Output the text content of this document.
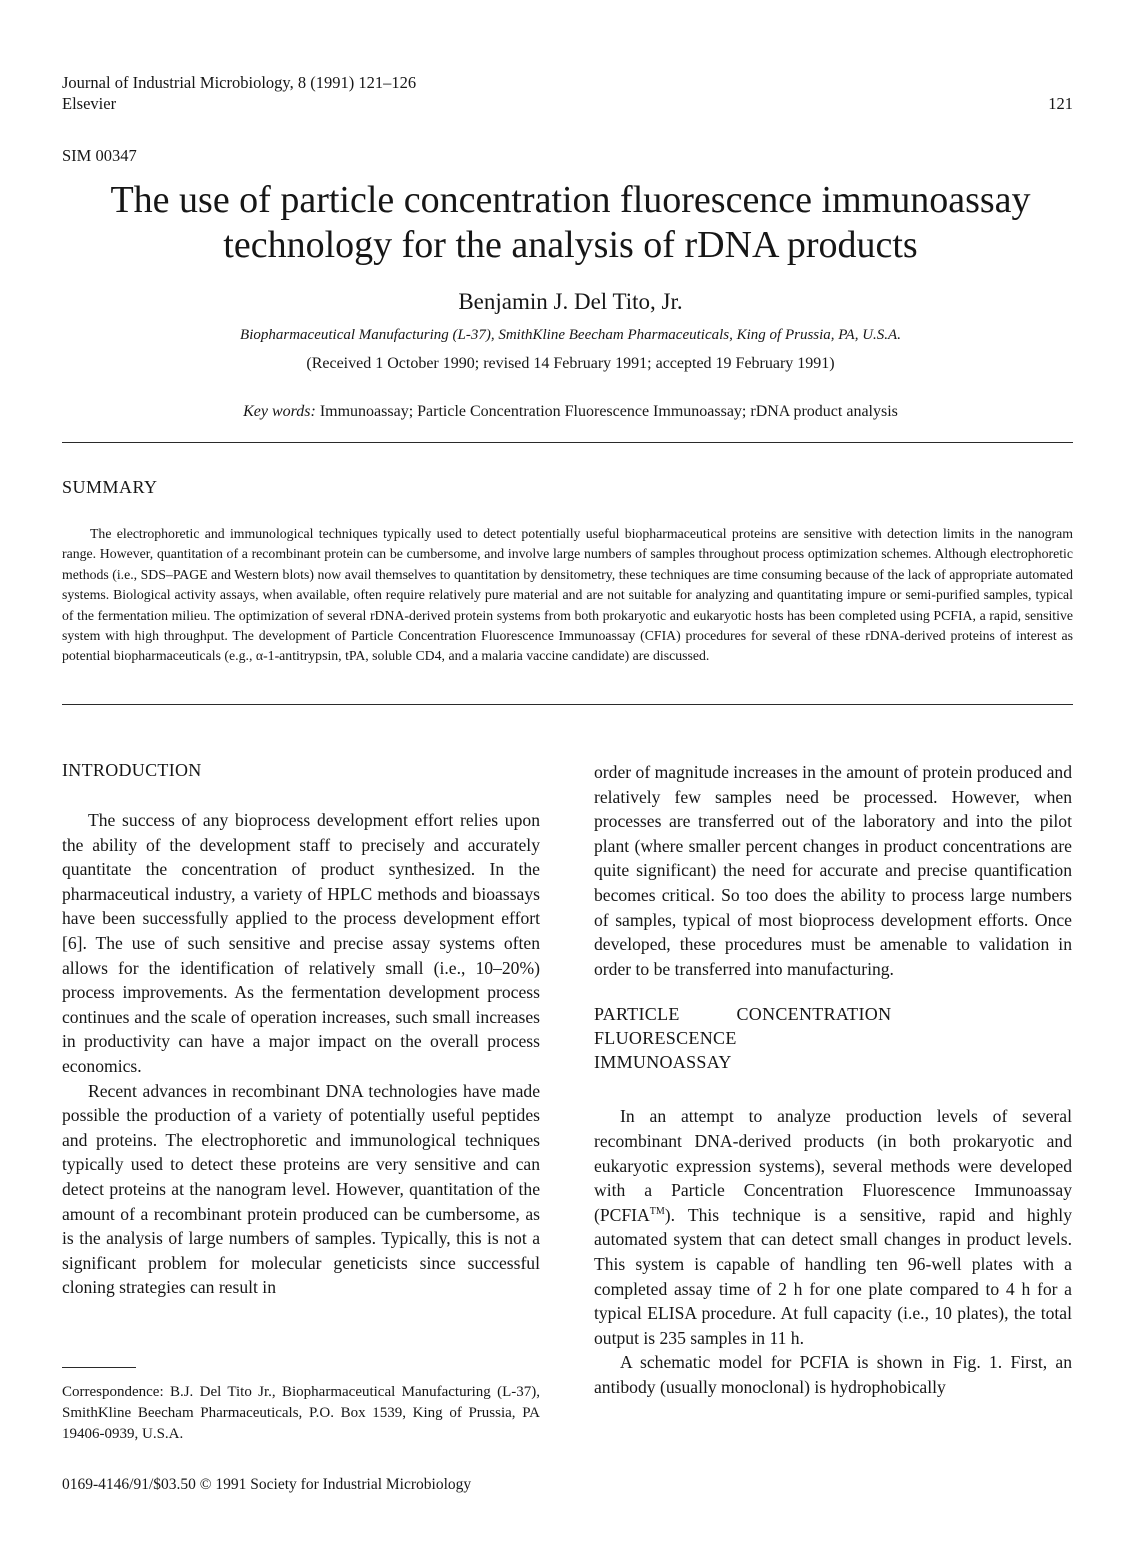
Journal of Industrial Microbiology, 8 (1991) 121–126
Elsevier	121
SIM 00347
The use of particle concentration fluorescence immunoassay
technology for the analysis of rDNA products
Benjamin J. Del Tito, Jr.
Biopharmaceutical Manufacturing (L-37), SmithKline Beecham Pharmaceuticals, King of Prussia, PA, U.S.A.
(Received 1 October 1990; revised 14 February 1991; accepted 19 February 1991)
Key words: Immunoassay; Particle Concentration Fluorescence Immunoassay; rDNA product analysis
SUMMARY

The electrophoretic and immunological techniques typically used to detect potentially useful biopharmaceutical proteins are sensitive with detection limits in the nanogram range. However, quantitation of a recombinant protein can be cumbersome, and involve large numbers of samples throughout process optimization schemes. Although electrophoretic methods (i.e., SDS–PAGE and Western blots) now avail themselves to quantitation by densitometry, these techniques are time consuming because of the lack of appropriate automated systems. Biological activity assays, when available, often require relatively pure material and are not suitable for analyzing and quantitating impure or semi-purified samples, typical of the fermentation milieu. The optimization of several rDNA-derived protein systems from both prokaryotic and eukaryotic hosts has been completed using PCFIA, a rapid, sensitive system with high throughput. The development of Particle Concentration Fluorescence Immunoassay (CFIA) procedures for several of these rDNA-derived proteins of interest as potential biopharmaceuticals (e.g., α-1-antitrypsin, tPA, soluble CD4, and a malaria vaccine candidate) are discussed.

INTRODUCTION

The success of any bioprocess development effort relies upon the ability of the development staff to precisely and accurately quantitate the concentration of product synthesized. In the pharmaceutical industry, a variety of HPLC methods and bioassays have been successfully applied to the process development effort [6]. The use of such sensitive and precise assay systems often allows for the identification of relatively small (i.e., 10–20%) process improvements. As the fermentation development process continues and the scale of operation increases, such small increases in productivity can have a major impact on the overall process economics.

Recent advances in recombinant DNA technologies have made possible the production of a variety of potentially useful peptides and proteins. The electrophoretic and immunological techniques typically used to detect these proteins are very sensitive and can detect proteins at the nanogram level. However, quantitation of the amount of a recombinant protein produced can be cumbersome, as is the analysis of large numbers of samples. Typically, this is not a significant problem for molecular geneticists since successful cloning strategies can result in

order of magnitude increases in the amount of protein produced and relatively few samples need be processed. However, when processes are transferred out of the laboratory and into the pilot plant (where smaller percent changes in product concentrations are quite significant) the need for accurate and precise quantification becomes critical. So too does the ability to process large numbers of samples, typical of most bioprocess development efforts. Once developed, these procedures must be amenable to validation in order to be transferred into manufacturing.

PARTICLE CONCENTRATION FLUORESCENCE
IMMUNOASSAY

In an attempt to analyze production levels of several recombinant DNA-derived products (in both prokaryotic and eukaryotic expression systems), several methods were developed with a Particle Concentration Fluorescence Immunoassay (PCFIA™). This technique is a sensitive, rapid and highly automated system that can detect small changes in product levels. This system is capable of handling ten 96-well plates with a completed assay time of 2 h for one plate compared to 4 h for a typical ELISA procedure. At full capacity (i.e., 10 plates), the total output is 235 samples in 11 h.

A schematic model for PCFIA is shown in Fig. 1. First, an antibody (usually monoclonal) is hydrophobically

Correspondence: B.J. Del Tito Jr., Biopharmaceutical Manufacturing (L-37), SmithKline Beecham Pharmaceuticals, P.O. Box 1539, King of Prussia, PA 19406-0939, U.S.A.

0169-4146/91/$03.50 © 1991 Society for Industrial Microbiology
